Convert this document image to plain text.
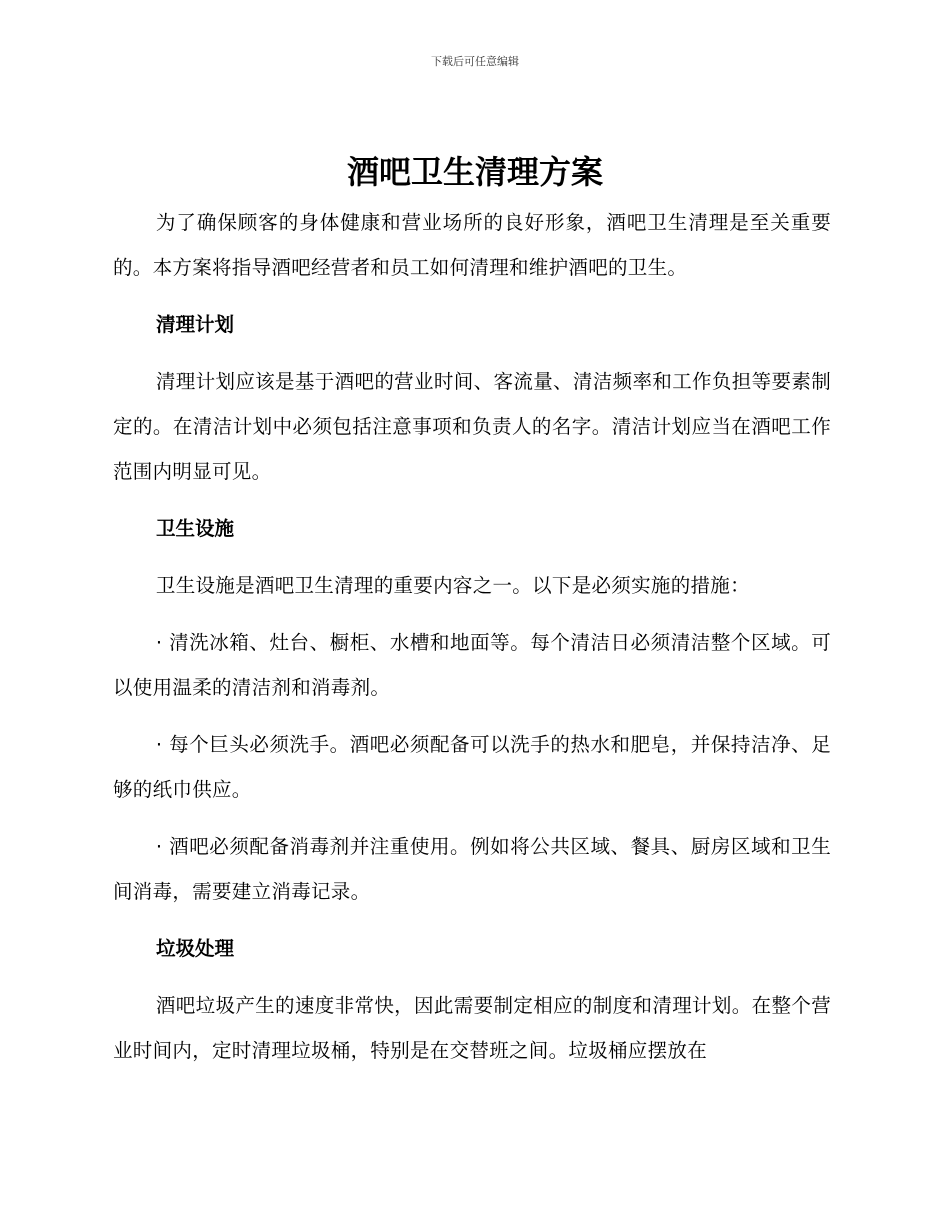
下载后可任意编辑
酒吧卫生清理方案

为了确保顾客的身体健康和营业场所的良好形象，酒吧卫生清理是至关重要的。本方案将指导酒吧经营者和员工如何清理和维护酒吧的卫生。

清理计划

清理计划应该是基于酒吧的营业时间、客流量、清洁频率和工作负担等要素制定的。在清洁计划中必须包括注意事项和负责人的名字。清洁计划应当在酒吧工作范围内明显可见。

卫生设施

卫生设施是酒吧卫生清理的重要内容之一。以下是必须实施的措施：

· 清洗冰箱、灶台、橱柜、水槽和地面等。每个清洁日必须清洁整个区域。可以使用温柔的清洁剂和消毒剂。

· 每个巨头必须洗手。酒吧必须配备可以洗手的热水和肥皂，并保持洁净、足够的纸巾供应。

· 酒吧必须配备消毒剂并注重使用。例如将公共区域、餐具、厨房区域和卫生间消毒，需要建立消毒记录。

垃圾处理

酒吧垃圾产生的速度非常快，因此需要制定相应的制度和清理计划。在整个营业时间内，定时清理垃圾桶，特别是在交替班之间。垃圾桶应摆放在
